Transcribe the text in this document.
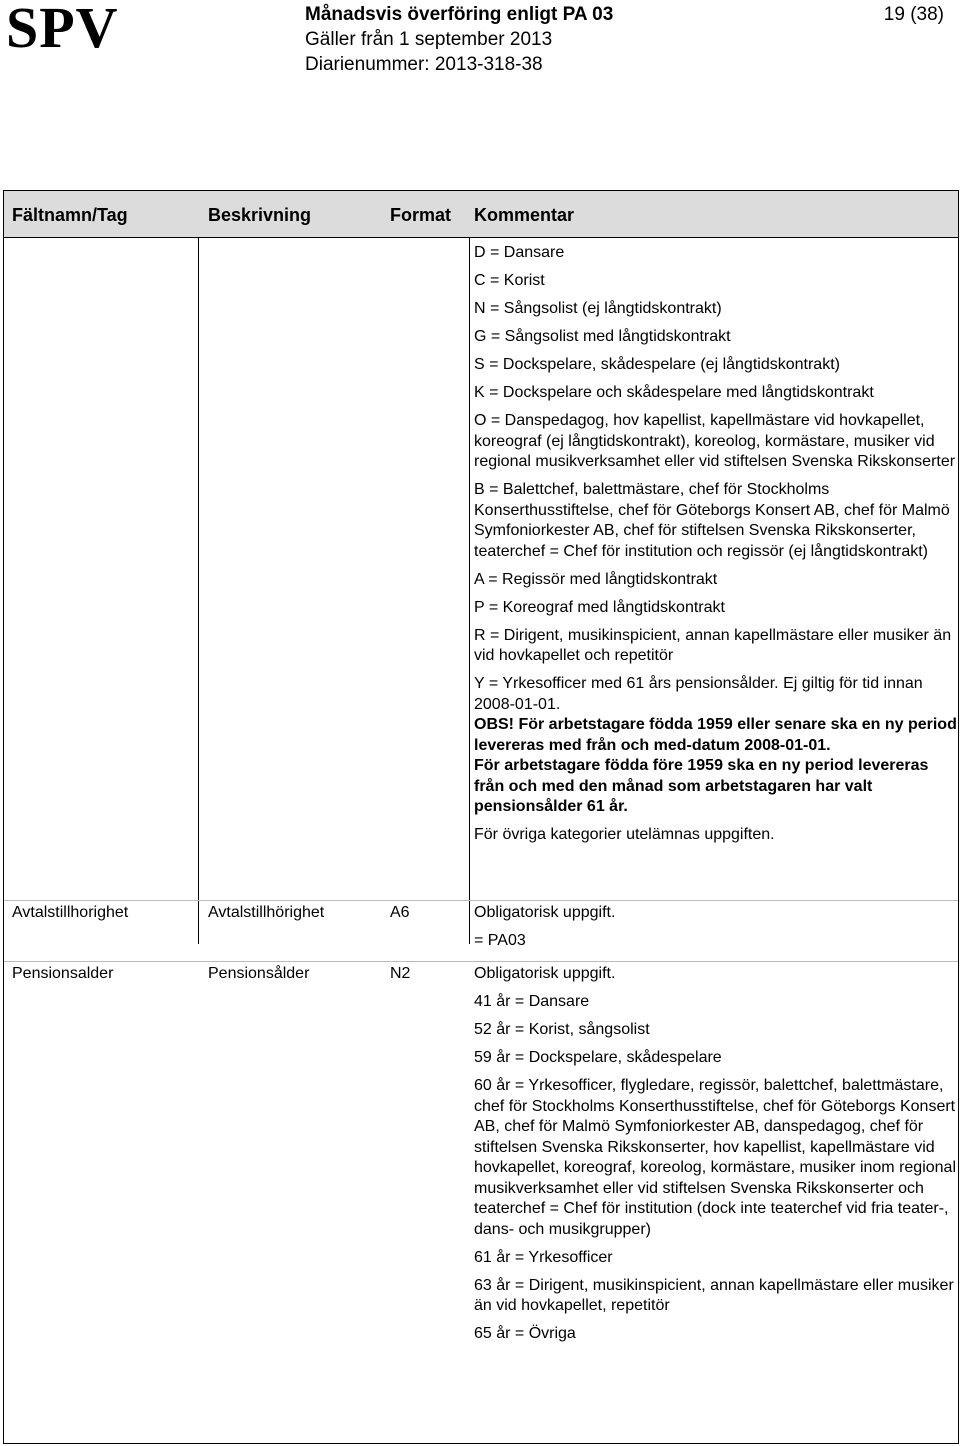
SPV	Månadsvis överföring enligt PA 03
Gäller från 1 september 2013
Diarienummer: 2013-318-38
19 (38)
Fältnamn/Tag	Beskrivning	Format Kommentar

D = Dansare

C = Korist

N = Sångsolist (ej långtidskontrakt)

G = Sångsolist med långtidskontrakt

S = Dockspelare, skådespelare (ej långtidskontrakt)

K = Dockspelare och skådespelare med långtidskontrakt

O = Danspedagog, hov kapellist, kapellmästare vid hovkapellet, koreograf (ej långtidskontrakt), koreolog, kormästare, musiker vid regional musikverksamhet eller vid stiftelsen Svenska Rikskonserter

B = Balettchef, balettmästare, chef för Stockholms Konserthusstiftelse, chef för Göteborgs Konsert AB, chef för Malmö Symfoniorkester AB, chef för stiftelsen Svenska Rikskonserter, teaterchef = Chef för institution och regissör (ej långtidskontrakt)

A = Regissör med långtidskontrakt

P = Koreograf med långtidskontrakt

R = Dirigent, musikinspicient, annan kapellmästare eller musiker än vid hovkapellet och repetitör

Y = Yrkesofficer med 61 års pensionsålder. Ej giltig för tid innan 2008-01-01.

OBS! För arbetstagare födda 1959 eller senare ska en ny period levereras med från och med-datum 2008-01-01.

För arbetstagare födda före 1959 ska en ny period levereras från och med den månad som arbetstagaren har valt pensionsålder 61 år.

För övriga kategorier utelämnas uppgiften.

Avtalstillhorighet	Avtalstillhörighet	A6	Obligatorisk uppgift.

= PA03

Pensionsalder	Pensionsålder	N2	Obligatorisk uppgift.

41 år = Dansare

52 år = Korist, sångsolist

59 år = Dockspelare, skådespelare

60 år = Yrkesofficer, flygledare, regissör, balettchef, balettmästare, chef för Stockholms Konserthusstiftelse, chef för Göteborgs Konsert AB, chef för Malmö Symfoniorkester AB, danspedagog, chef för stiftelsen Svenska Rikskonserter, hov kapellist, kapellmästare vid hovkapellet, koreograf, koreolog, kormästare, musiker inom regional musikverksamhet eller vid stiftelsen Svenska Rikskonserter och teaterchef = Chef för institution (dock inte teaterchef vid fria teater-, dans- och musikgrupper)

61 år = Yrkesofficer

63 år = Dirigent, musikinspicient, annan kapellmästare eller musiker än vid hovkapellet, repetitör

65 år = Övriga
